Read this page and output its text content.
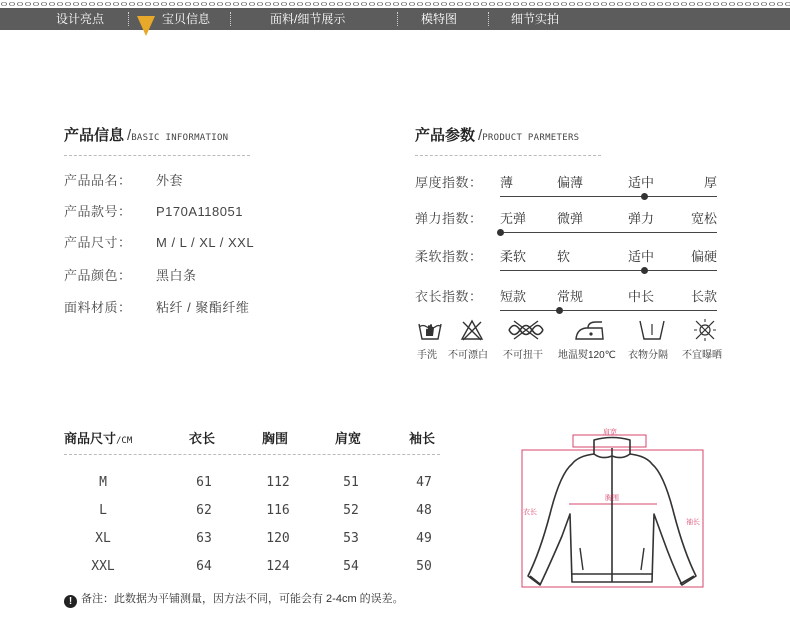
设计亮点	宝贝信息	面料/细节展示	模特图	细节实拍
产品信息 /BASIC INFORMATION
产品品名： 外套
产品款号： P170A118051
产品尺寸： M / L / XL / XXL
产品颜色： 黑白条
面料材质： 粘纤 / 聚酯纤维
产品参数 /PRODUCT PARMETERS
厚度指数： 薄	偏薄	适中	厚
弹力指数： 无弹 微弹	弹力	宽松
柔软指数： 柔软 软	适中	偏硬
衣长指数： 短款 常规	中长	长款
手洗 不可漂白 不可扭干 地温熨120℃ 衣物分隔 不宜曝晒
商品尺寸/CM	衣长	胸围	肩宽	袖长
M	61	112	51	47
L	62	116	52	48
XL	63	120	53	49
XXL	64	124	54	50
! 备注：此数据为平铺测量，因方法不同，可能会有 2-4cm 的误差。
肩宽
胸围
衣长
袖长
